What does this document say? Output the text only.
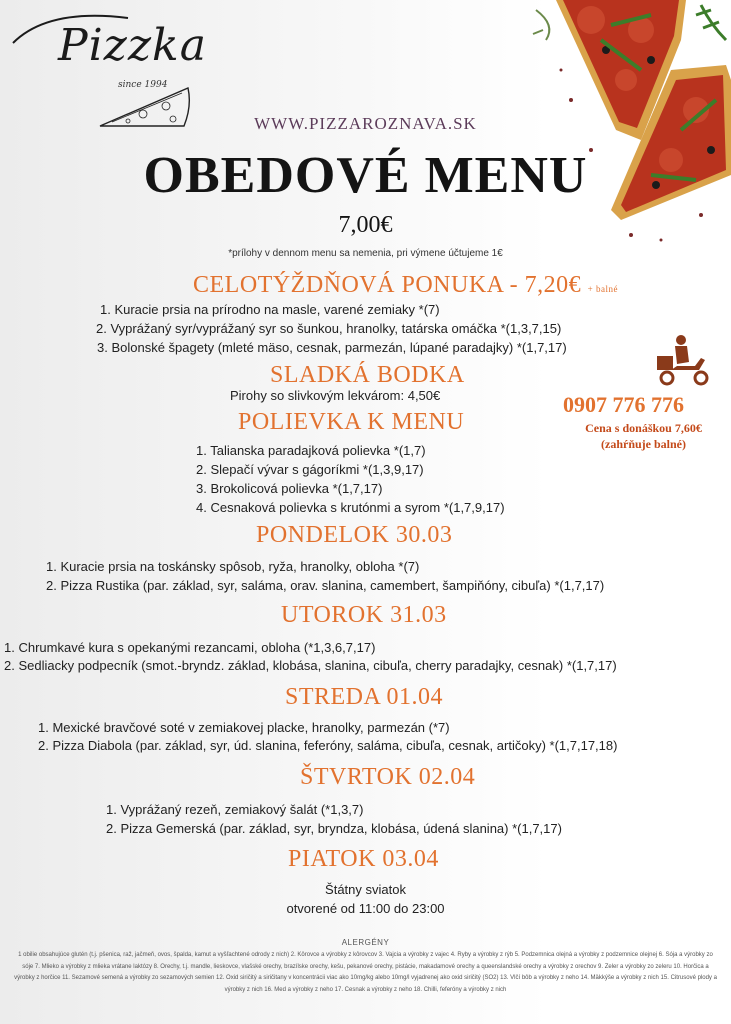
Pizzka
since 1994
WWW.PIZZAROZNAVA.SK
OBEDOVÉ MENU
7,00€
*prílohy v dennom menu sa nemenia, pri výmene účtujeme 1€
CELOTÝŽDŇOVÁ PONUKA - 7,20€ + balné
1. Kuracie prsia na prírodno na masle, varené zemiaky *(7)
2. Vyprážaný syr/vyprážaný syr so šunkou, hranolky, tatárska omáčka *(1,3,7,15)
3. Bolonské špagety (mleté mäso, cesnak, parmezán, lúpané paradajky) *(1,7,17)
SLADKÁ BODKA
Pirohy so slivkovým lekvárom: 4,50€
POLIEVKA K MENU
1. Talianska paradajková polievka *(1,7)
2. Slepačí vývar s gágoríkmi *(1,3,9,17)
3. Brokolicová polievka *(1,7,17)
4. Cesnaková polievka s krutónmi a syrom *(1,7,9,17)
0907 776 776
Cena s donáškou 7,60€
(zahŕňuje balné)
PONDELOK 30.03
1. Kuracie prsia na toskánsky spôsob, ryža, hranolky, obloha *(7)
2. Pizza Rustika (par. základ, syr, saláma, orav. slanina, camembert, šampiňóny, cibuľa) *(1,7,17)
UTOROK 31.03
1. Chrumkavé kura s opekanými rezancami, obloha (*1,3,6,7,17)
2. Sedliacky podpecník (smot.-bryndz. základ, klobása, slanina, cibuľa, cherry paradajky, cesnak) *(1,7,17)
STREDA 01.04
1. Mexické bravčové soté v zemiakovej placke, hranolky, parmezán (*7)
2. Pizza Diabola (par. základ, syr, úd. slanina, feferóny, saláma, cibuľa, cesnak, artičoky) *(1,7,17,18)
ŠTVRTOK 02.04
1. Vyprážaný rezeň, zemiakový šalát (*1,3,7)
2. Pizza Gemerská (par. základ, syr, bryndza, klobása, údená slanina) *(1,7,17)
PIATOK 03.04
Štátny sviatok
otvorené od 11:00 do 23:00
ALERGÉNY
1 obilie obsahujúce glutén (t.j. pšenica, raž, jačmeň, ovos, špalda, kamut a vyšľachtené odrody z nich) 2. Kôrovce a výrobky z kôrovcov 3. Vajcia a výrobky z vajec 4. Ryby a výrobky z rýb 5. Podzemnica olejná a výrobky z podzemnice olejnej 6. Sója a výrobky zo sóje 7. Mlieko a výrobky z mlieka vrátane laktózy 8. Orechy, t.j. mandle, lieskovce, vlašské orechy, brazílske orechy, kešu, pekanové orechy, pistácie, makadamové orechy a queenslandské orechy a výrobky z orechov 9. Zeler a výrobky zo zeleru 10. Horčica a výrobky z horčice 11. Sezamové semená a výrobky zo sezamových semien 12. Oxid siričitý a siričitany v koncentrácii viac ako 10mg/kg alebo 10mg/l vyjadrenej ako oxid siričitý (SO2) 13. Vlčí bôb a výrobky z neho 14. Mäkkýše a výrobky z nich 15. Citrusové plody a výrobky z nich 16. Med a výrobky z neho 17. Cesnak a výrobky z neho 18. Chilli, feferóny a výrobky z nich
